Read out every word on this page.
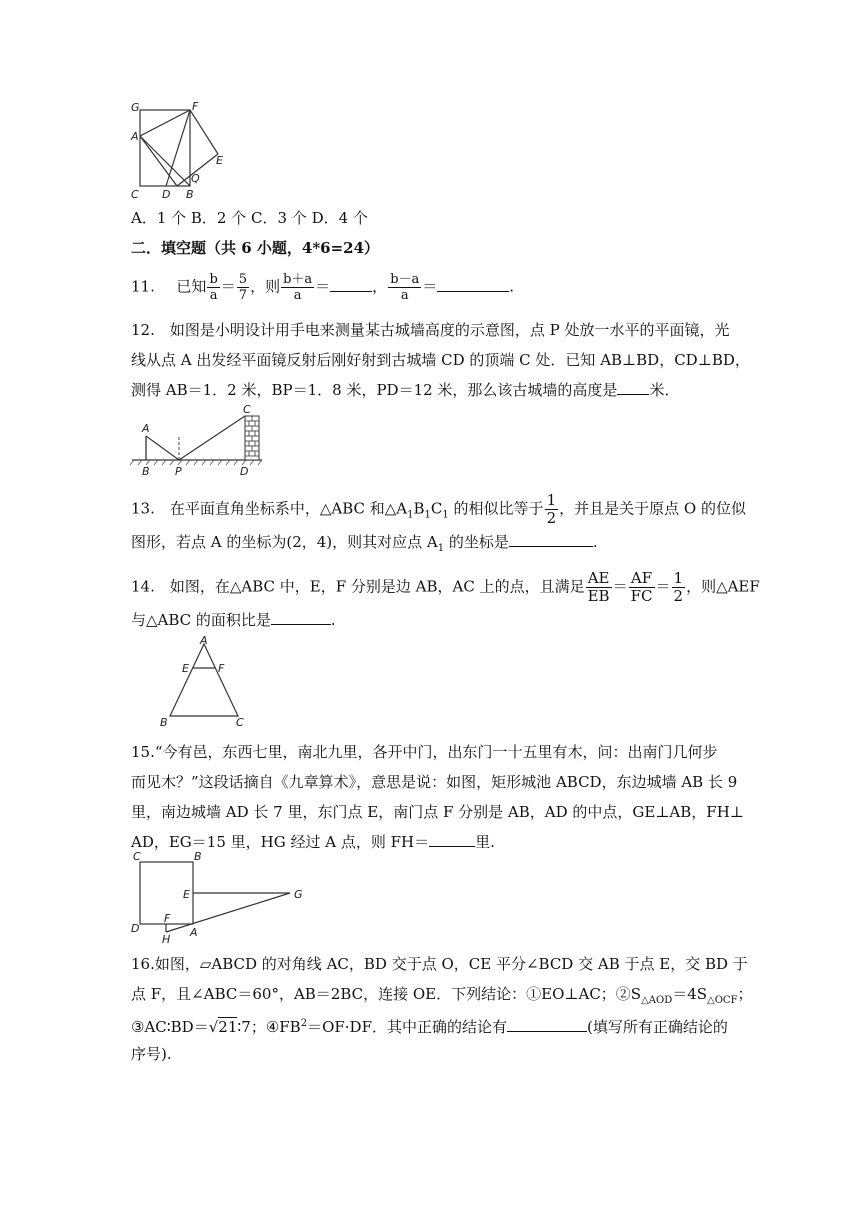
G	F
A
E
C D
Q
B
A．1 个 B．2 个 C．3 个 D．4 个
二．填空题（共 6 小题，4*6=24）
11. 已知 $\frac{b}{a} = \frac{5}{7}$ ，则 $\frac{b+a}{a}$ ＝	， $\frac{b-a}{a}$ ＝	.
12.　如图是小明设计用手电来测量某古城墙高度的示意图，点 P 处放一水平的平面镜，光
线从点 A 出发经平面镜反射后刚好射到古城墙 CD 的顶端 C 处．已知 AB⊥BD，CD⊥BD，
测得 AB＝1．2 米，BP＝1．8 米，PD＝12 米，那么该古城墙的高度是 米．
A
B P
C
D
13.　在平面直角坐标系中，△ABC 和$\triangle A_1B_1C_1$ 的相似比等于 $\frac{1}{2}$ ，并且是关于原点 O 的位似
图形，若点 A 的坐标为(2，4)，则其对应点 $A_1$ 的坐标是	.
14.　如图，在△ABC 中，E，F 分别是边 AB，AC 上的点，且满足 $\frac{AE}{EB} = \frac{AF}{FC} = \frac{1}{2}$ ，则△AEF
与△ABC 的面积比是	.
A
E	F
B	C
15.“今有邑，东西七里，南北九里，各开中门，出东门一十五里有木，问：出南门几何步
而见木？”这段话摘自《九章算术》，意思是说：如图，矩形城池 ABCD，东边城墙 AB 长 9
里，南边城墙 AD 长 7 里，东门点 E，南门点 F 分别是 AB，AD 的中点，GE⊥AB，FH⊥
AD，EG＝15 里，HG 经过 A 点，则 FH＝	里.
C	B
E	G
F
D
H
A
16.如图，▱ABCD 的对角线 AC，BD 交于点 O，CE 平分∠BCD 交 AB 于点 E，交 BD 于
点 F，且∠ABC＝60°，AB＝2BC，连接 OE．下列结论：①EO⊥AC；$②S_{\triangle AOD}=4S_{\triangle OCF}$；
③AC∶BD＝√21∶7；$④FB^2=OF\cdot DF$．其中正确的结论有	(填写所有正确结论的
序号).
